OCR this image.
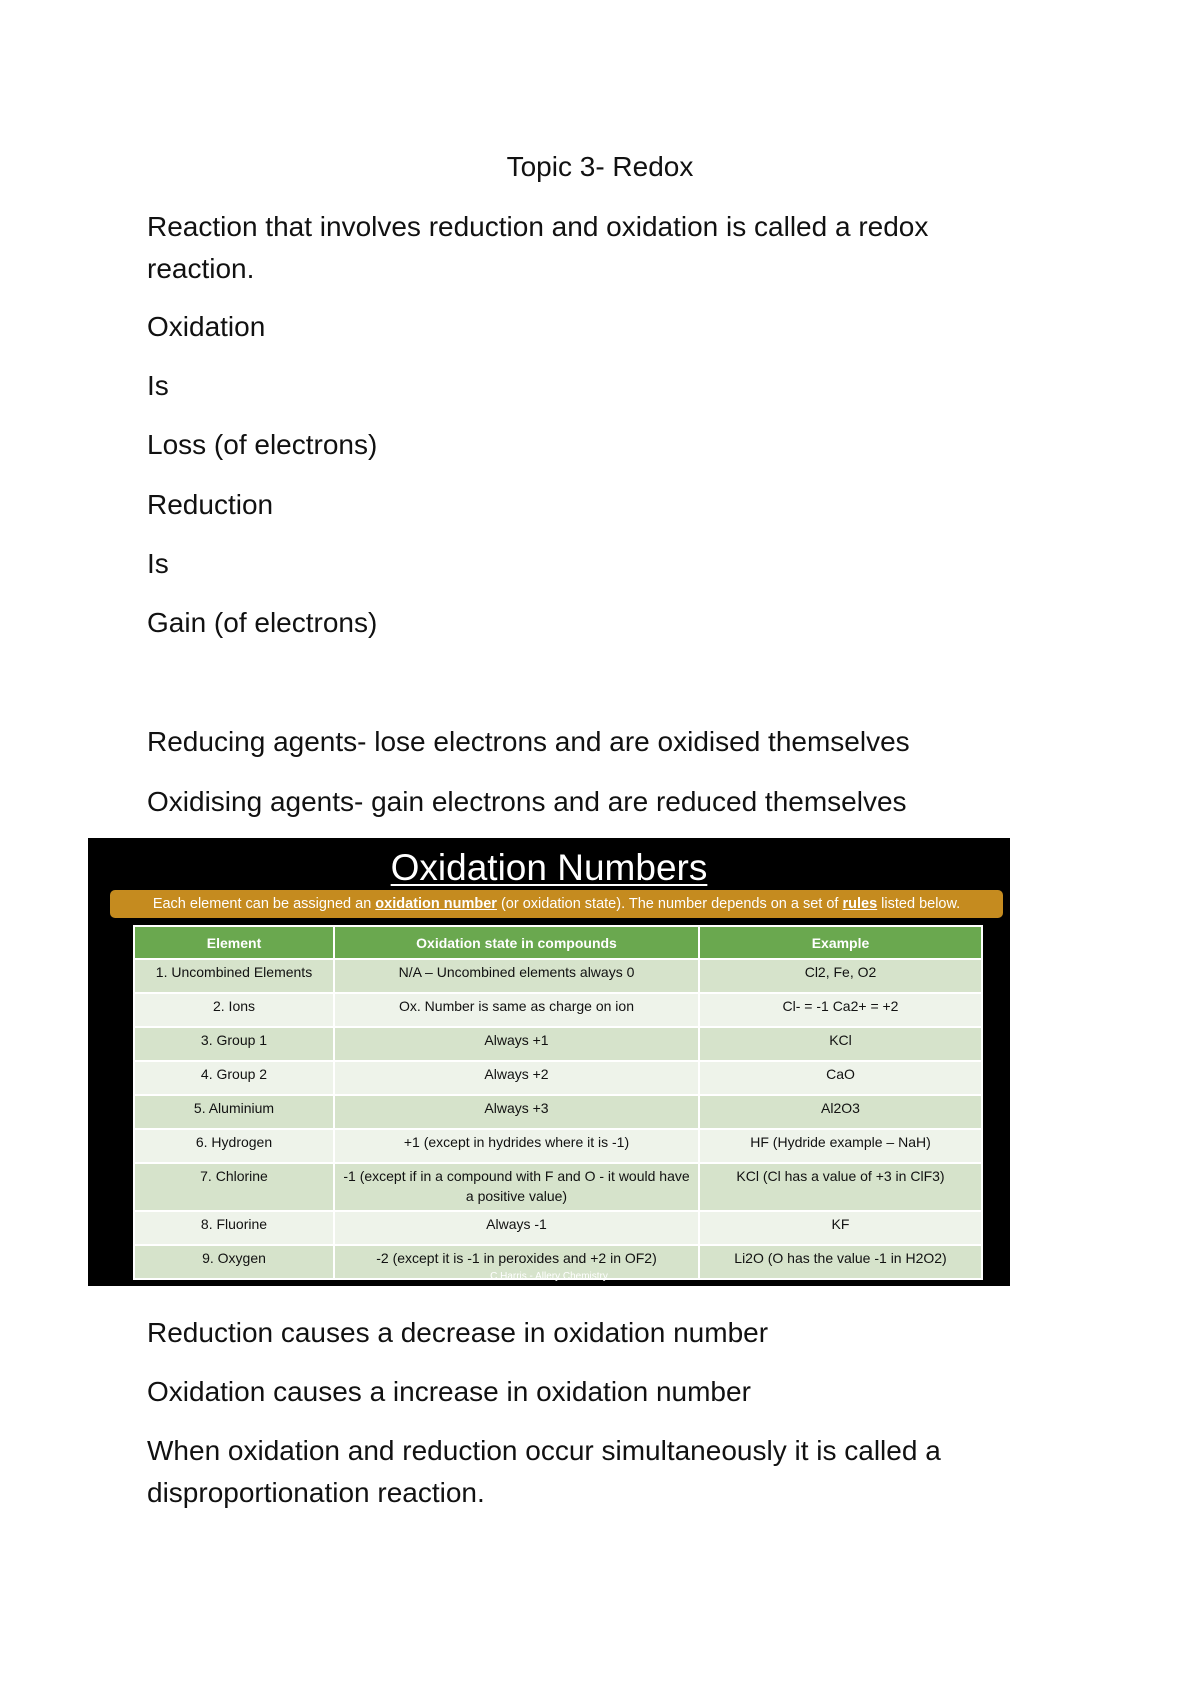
Topic 3- Redox

Reaction that involves reduction and oxidation is called a redox reaction.

Oxidation

Is

Loss (of electrons)

Reduction

Is

Gain (of electrons)

Reducing agents- lose electrons and are oxidised themselves

Oxidising agents- gain electrons and are reduced themselves

Oxidation Numbers
Each element can be assigned an oxidation number (or oxidation state). The number depends on a set of rules listed below.
Element	Oxidation state in compounds	Example
1. Uncombined Elements	N/A – Uncombined elements always 0	Cl2, Fe, O2
2. Ions	Ox. Number is same as charge on ion	Cl- = -1 Ca2+ = +2
3. Group 1	Always +1	KCl
4. Group 2	Always +2	CaO
5. Aluminium	Always +3	Al2O3
6. Hydrogen	+1 (except in hydrides where it is -1)	HF (Hydride example – NaH)
7. Chlorine	-1 (except if in a compound with F and O - it would have a positive value)	KCl (Cl has a value of +3 in ClF3)
8. Fluorine	Always -1	KF
9. Oxygen	-2 (except it is -1 in peroxides and +2 in OF2)	Li2O (O has the value -1 in H2O2)
C Harris - Allery Chemistry

Reduction causes a decrease in oxidation number

Oxidation causes a increase in oxidation number

When oxidation and reduction occur simultaneously it is called a disproportionation reaction.
